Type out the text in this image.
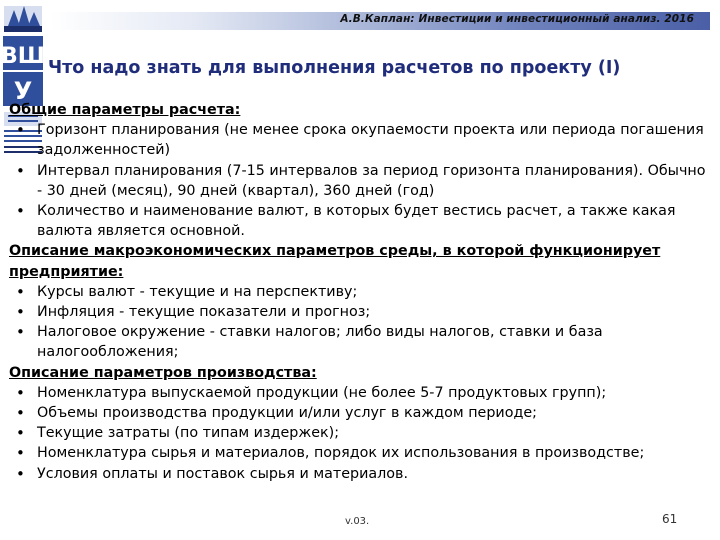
А.В.Каплан: Инвестиции и инвестиционный анализ. 2016
ВШ
У
Что надо знать для выполнения расчетов по проекту (I)

Общие параметры расчета:

• Горизонт планирования (не менее срока окупаемости проекта или периода погашения задолженностей)
• Интервал планирования (7-15 интервалов за период горизонта планирования). Обычно - 30 дней (месяц), 90 дней (квартал), 360 дней (год)
• Количество и наименование валют, в которых будет вестись расчет, а также какая валюта является основной.

Описание макроэкономических параметров среды, в которой функционирует предприятие:

• Курсы валют - текущие и на перспективу;
• Инфляция - текущие показатели и прогноз;
• Налоговое окружение - ставки налогов; либо виды налогов, ставки и база налогообложения;

Описание параметров производства:

• Номенклатура выпускаемой продукции (не более 5-7 продуктовых групп);
• Объемы производства продукции и/или услуг в каждом периоде;
• Текущие затраты (по типам издержек);
• Номенклатура сырья и материалов, порядок их использования в производстве;
• Условия оплаты и поставок сырья и материалов.
v.03.	61
